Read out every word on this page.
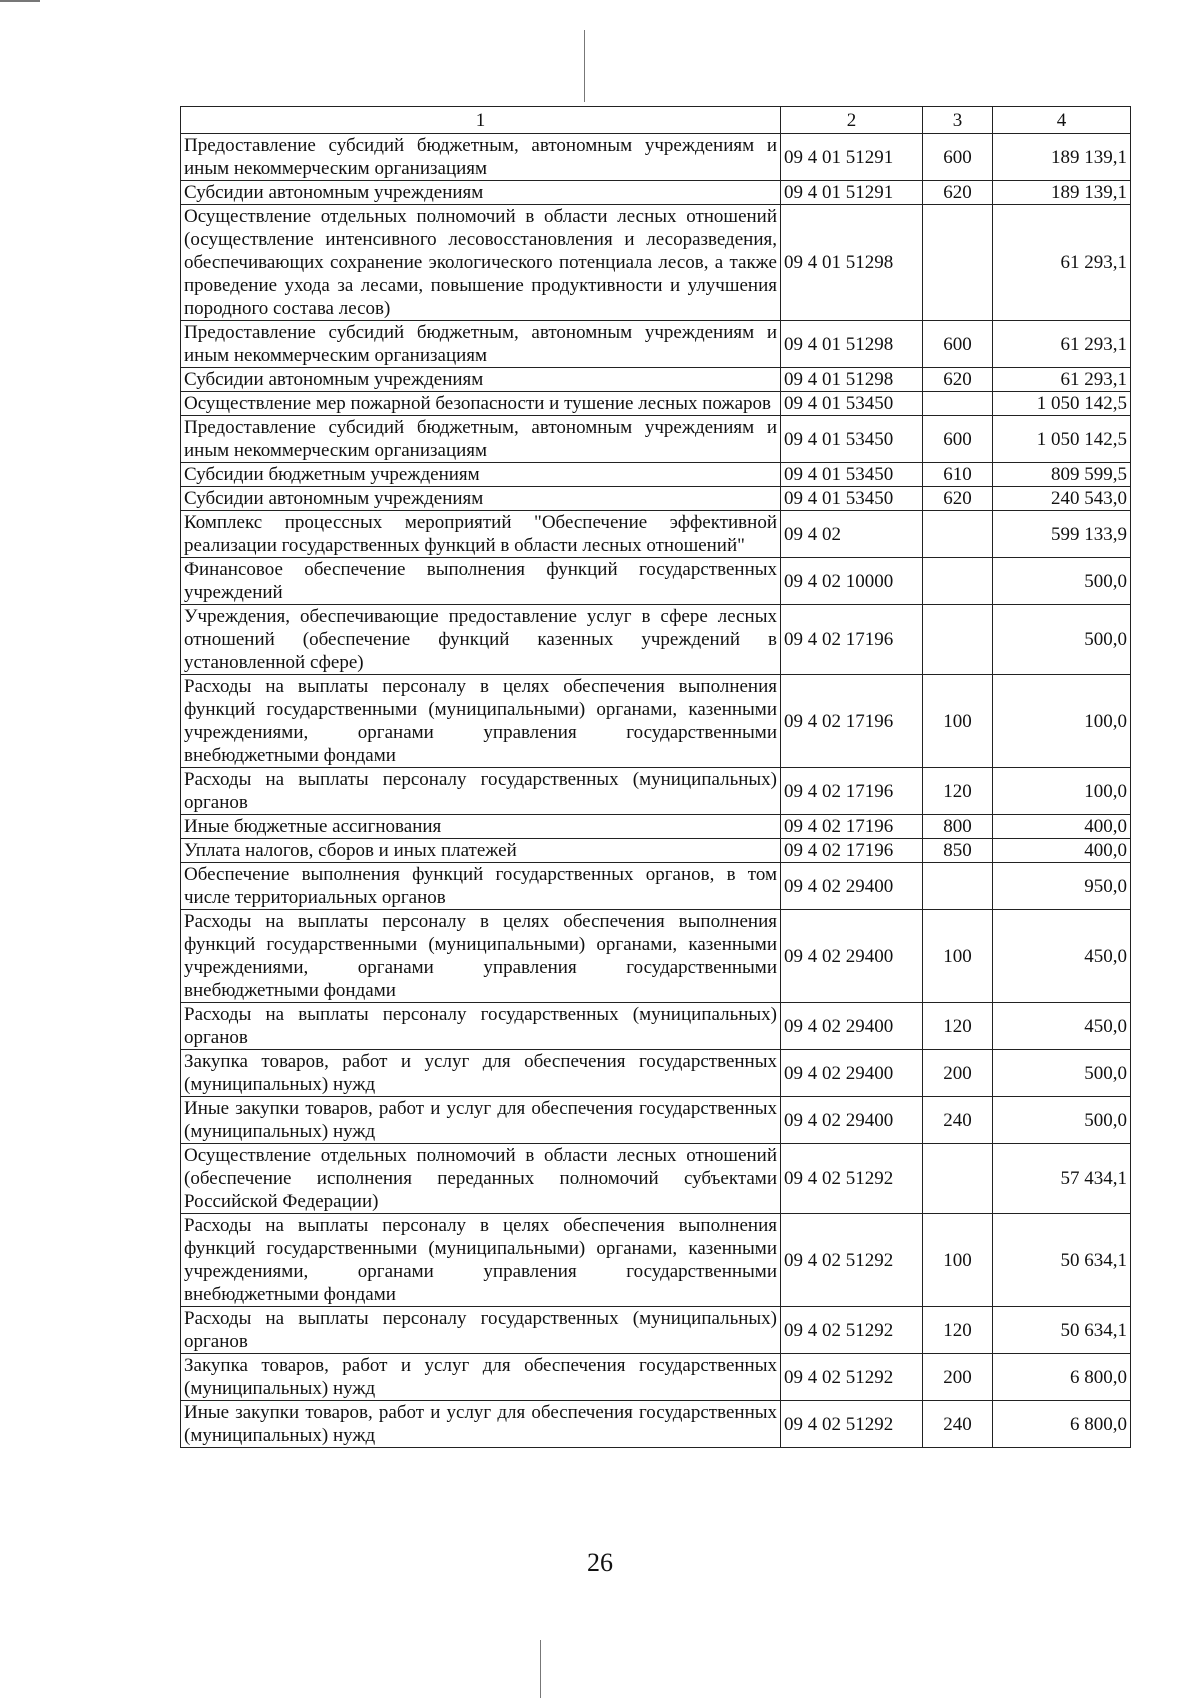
1	2	3	4
Предоставление субсидий бюджетным, автономным учреждениям и иным некоммерческим организациям	09 4 01 51291	600	189 139,1
Субсидии автономным учреждениям	09 4 01 51291	620	189 139,1
Осуществление отдельных полномочий в области лесных отношений (осуществление интенсивного лесовосстановления и лесоразведения, обеспечивающих сохранение экологического потенциала лесов, а также проведение ухода за лесами, повышение продуктивности и улучшения породного состава лесов)	09 4 01 51298		61 293,1
Предоставление субсидий бюджетным, автономным учреждениям и иным некоммерческим организациям	09 4 01 51298	600	61 293,1
Субсидии автономным учреждениям	09 4 01 51298	620	61 293,1
Осуществление мер пожарной безопасности и тушение лесных пожаров	09 4 01 53450		1 050 142,5
Предоставление субсидий бюджетным, автономным учреждениям и иным некоммерческим организациям	09 4 01 53450	600	1 050 142,5
Субсидии бюджетным учреждениям	09 4 01 53450	610	809 599,5
Субсидии автономным учреждениям	09 4 01 53450	620	240 543,0
Комплекс процессных мероприятий "Обеспечение эффективной реализации государственных функций в области лесных отношений"	09 4 02		599 133,9
Финансовое обеспечение выполнения функций государственных учреждений	09 4 02 10000		500,0
Учреждения, обеспечивающие предоставление услуг в сфере лесных отношений (обеспечение функций казенных учреждений в установленной сфере)	09 4 02 17196		500,0
Расходы на выплаты персоналу в целях обеспечения выполнения функций государственными (муниципальными) органами, казенными учреждениями, органами управления государственными внебюджетными фондами	09 4 02 17196	100	100,0
Расходы на выплаты персоналу государственных (муниципальных) органов	09 4 02 17196	120	100,0
Иные бюджетные ассигнования	09 4 02 17196	800	400,0
Уплата налогов, сборов и иных платежей	09 4 02 17196	850	400,0
Обеспечение выполнения функций государственных органов, в том числе территориальных органов	09 4 02 29400		950,0
Расходы на выплаты персоналу в целях обеспечения выполнения функций государственными (муниципальными) органами, казенными учреждениями, органами управления государственными внебюджетными фондами	09 4 02 29400	100	450,0
Расходы на выплаты персоналу государственных (муниципальных) органов	09 4 02 29400	120	450,0
Закупка товаров, работ и услуг для обеспечения государственных (муниципальных) нужд	09 4 02 29400	200	500,0
Иные закупки товаров, работ и услуг для обеспечения государственных (муниципальных) нужд	09 4 02 29400	240	500,0
Осуществление отдельных полномочий в области лесных отношений (обеспечение исполнения переданных полномочий субъектами Российской Федерации)	09 4 02 51292		57 434,1
Расходы на выплаты персоналу в целях обеспечения выполнения функций государственными (муниципальными) органами, казенными учреждениями, органами управления государственными внебюджетными фондами	09 4 02 51292	100	50 634,1
Расходы на выплаты персоналу государственных (муниципальных) органов	09 4 02 51292	120	50 634,1
Закупка товаров, работ и услуг для обеспечения государственных (муниципальных) нужд	09 4 02 51292	200	6 800,0
Иные закупки товаров, работ и услуг для обеспечения государственных (муниципальных) нужд	09 4 02 51292	240	6 800,0
26
